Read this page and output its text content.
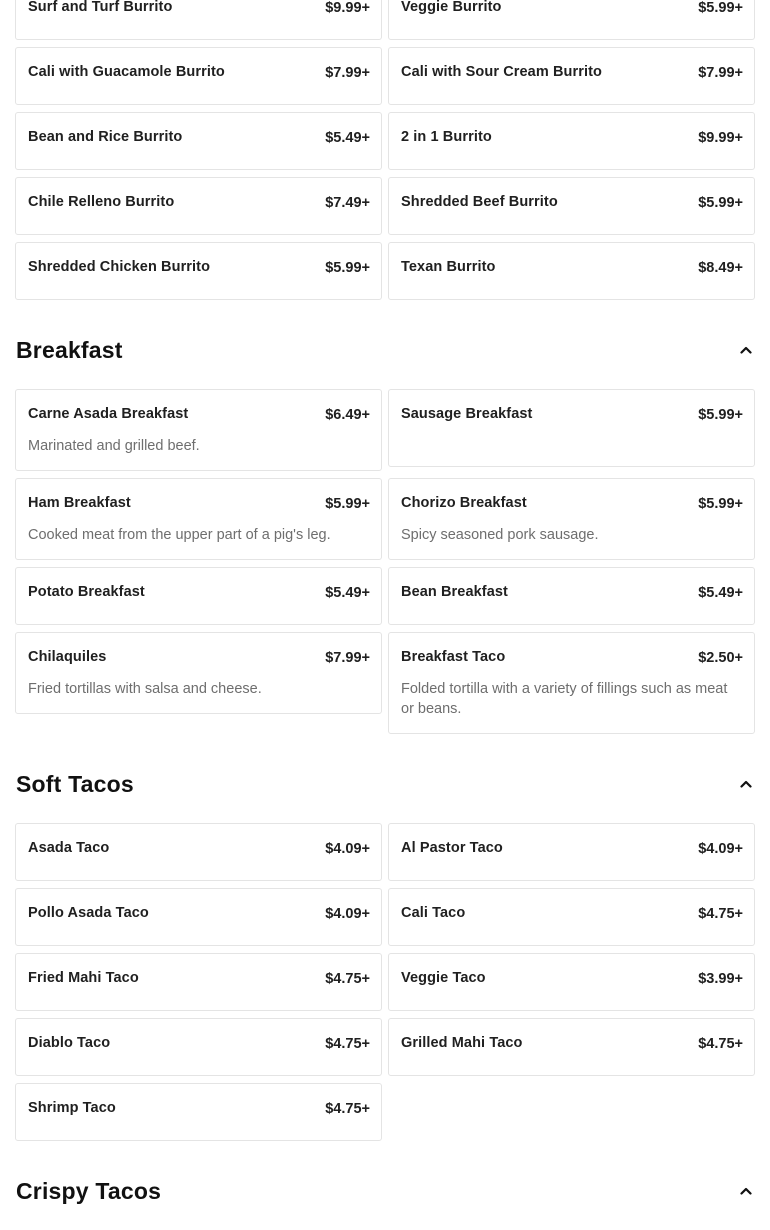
Surf and Turf Burrito	$9.99+ Veggie Burrito	$5.99+
Cali with Guacamole Burrito	$7.99+ Cali with Sour Cream Burrito	$7.99+
Bean and Rice Burrito	$5.49+ 2 in 1 Burrito	$9.99+
Chile Relleno Burrito	$7.49+ Shredded Beef Burrito	$5.99+
Shredded Chicken Burrito	$5.99+ Texan Burrito	$8.49+
Breakfast
Carne Asada Breakfast	$6.49+
Marinated and grilled beef.
Sausage Breakfast	$5.99+
Ham Breakfast	$5.99+
Cooked meat from the upper part of a pig's leg.
Chorizo Breakfast	$5.99+
Spicy seasoned pork sausage.
Potato Breakfast	$5.49+ Bean Breakfast	$5.49+
Chilaquiles	$7.99+
Fried tortillas with salsa and cheese.
Breakfast Taco	$2.50+
Folded tortilla with a variety of fillings such as meat or beans.
Soft Tacos
Asada Taco	$4.09+ Al Pastor Taco	$4.09+
Pollo Asada Taco	$4.09+ Cali Taco	$4.75+
Fried Mahi Taco	$4.75+ Veggie Taco	$3.99+
Diablo Taco	$4.75+ Grilled Mahi Taco	$4.75+
Shrimp Taco	$4.75+
Crispy Tacos
